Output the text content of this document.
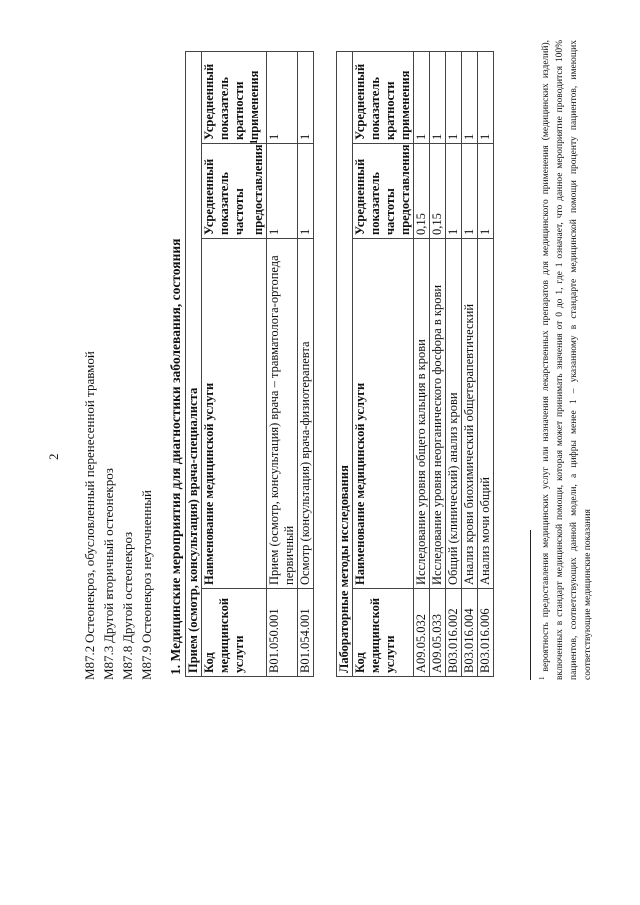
2
M87.2
Остеонекроз, обусловленный перенесенной травмой
M87.3
Другой вторичный остеонекроз
M87.8
Другой остеонекроз
M87.9
Остеонекроз неуточненный 1. Медицинские мероприятия для диагностики заболевания, состояния Прием (осмотр, консультация) врача-специалиста			
Код медицинской услуги	Наименование медицинской услуги	Усредненный показатель частоты предоставления$^1$	Усредненный показатель кратности применения
B01.050.001	Прием (осмотр, консультация) врача – травматолога-ортопеда первичный	1	1
B01.054.001	Осмотр (консультация) врача-физиотерапевта	1	1
Лабораторные методы исследования			
Код медицинской услуги	Наименование медицинской услуги	Усредненный показатель частоты предоставления	Усредненный показатель кратности применения
A09.05.032	Исследование уровня общего кальция в крови	0,15	1
A09.05.033	Исследование уровня неорганического фосфора в крови	0,15	1
B03.016.002	Общий (клинический) анализ крови	1	1
B03.016.004	Анализ крови биохимический общетерапевтический	1	1
B03.016.006	Анализ мочи общий	1	1
$^1$ вероятность предоставления медицинских услуг или назначения лекарственных препаратов для медицинского применения (медицинских изделий), включенных в стандарт медицинской помощи, которая может принимать значения от 0 до 1, где 1 означает, что данное мероприятие проводится 100% пациентов, соответствующих данной модели, а цифры менее 1 – указанному в стандарте медицинской помощи проценту пациентов, имеющих соответствующие медицинские показания
